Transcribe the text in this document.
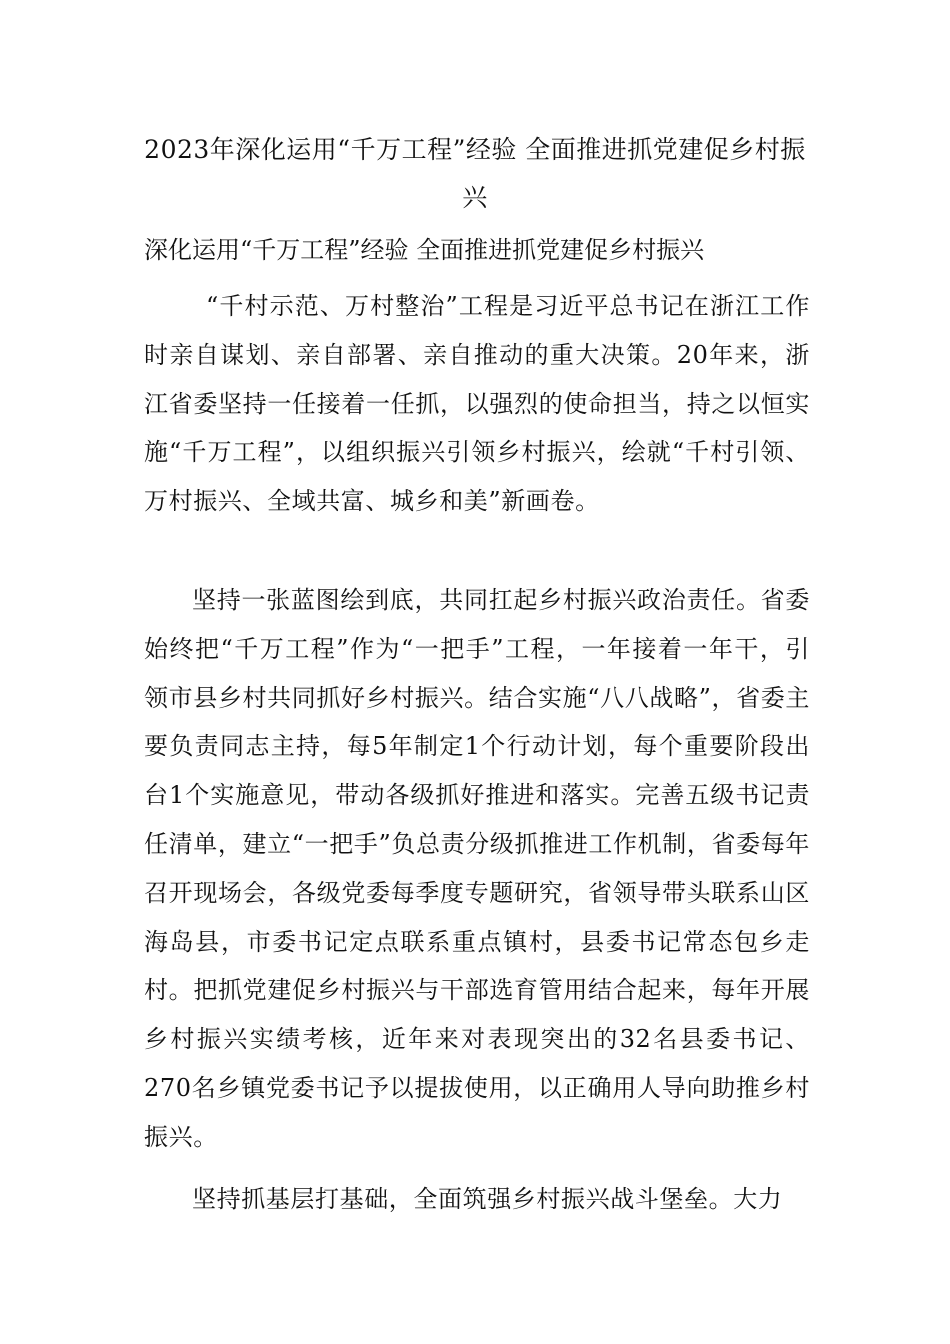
2023年深化运用“千万工程”经验 全面推进抓党建促乡村振兴

深化运用“千万工程”经验 全面推进抓党建促乡村振兴

“千村示范、万村整治”工程是习近平总书记在浙江工作时亲自谋划、亲自部署、亲自推动的重大决策。20年来，浙江省委坚持一任接着一任抓，以强烈的使命担当，持之以恒实施“千万工程”，以组织振兴引领乡村振兴，绘就“千村引领、万村振兴、全域共富、城乡和美”新画卷。

坚持一张蓝图绘到底，共同扛起乡村振兴政治责任。省委始终把“千万工程”作为“一把手”工程，一年接着一年干，引领市县乡村共同抓好乡村振兴。结合实施“八八战略”，省委主要负责同志主持，每5年制定1个行动计划，每个重要阶段出台1个实施意见，带动各级抓好推进和落实。完善五级书记责任清单，建立“一把手”负总责分级抓推进工作机制，省委每年召开现场会，各级党委每季度专题研究，省领导带头联系山区海岛县，市委书记定点联系重点镇村，县委书记常态包乡走村。把抓党建促乡村振兴与干部选育管用结合起来，每年开展乡村振兴实绩考核，近年来对表现突出的32名县委书记、270名乡镇党委书记予以提拔使用，以正确用人导向助推乡村振兴。

坚持抓基层打基础，全面筑强乡村振兴战斗堡垒。大力
